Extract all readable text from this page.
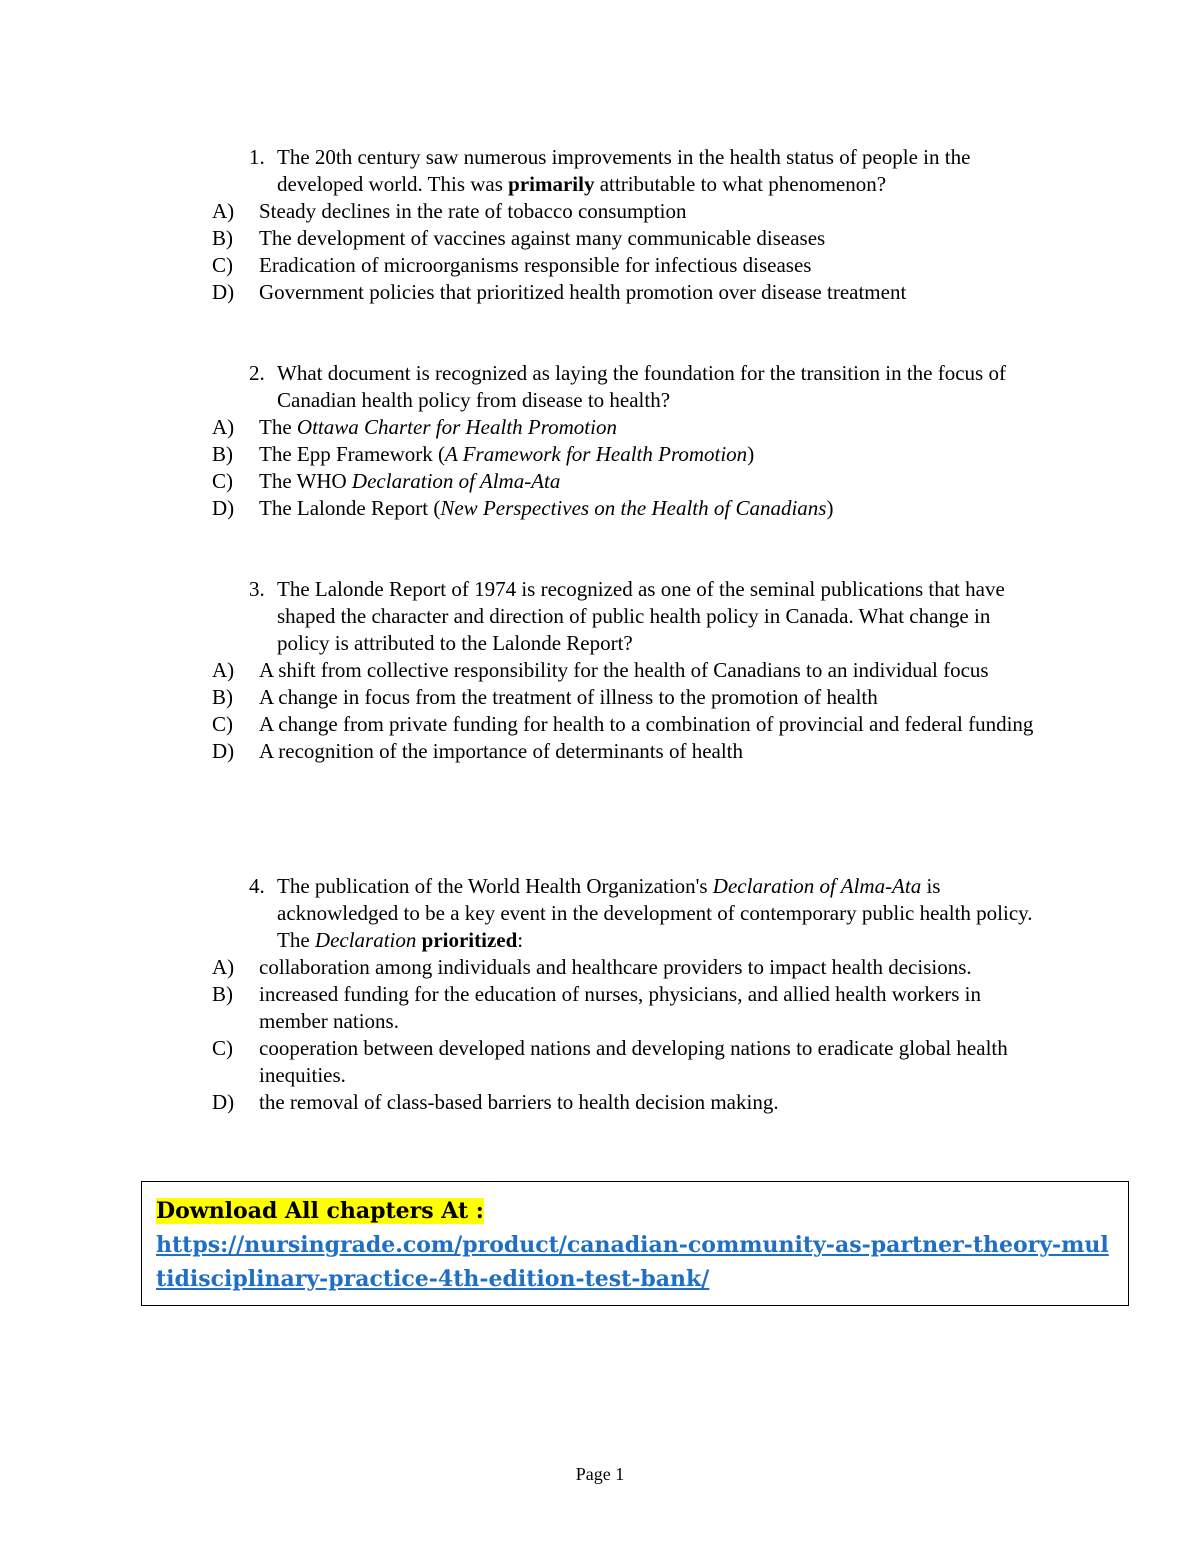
1. The 20th century saw numerous improvements in the health status of people in the developed world. This was primarily attributable to what phenomenon?
A) Steady declines in the rate of tobacco consumption
B) The development of vaccines against many communicable diseases
C) Eradication of microorganisms responsible for infectious diseases
D) Government policies that prioritized health promotion over disease treatment
2. What document is recognized as laying the foundation for the transition in the focus of Canadian health policy from disease to health?
A) The Ottawa Charter for Health Promotion
B) The Epp Framework (A Framework for Health Promotion)
C) The WHO Declaration of Alma-Ata
D) The Lalonde Report (New Perspectives on the Health of Canadians)
3. The Lalonde Report of 1974 is recognized as one of the seminal publications that have shaped the character and direction of public health policy in Canada. What change in policy is attributed to the Lalonde Report?
A) A shift from collective responsibility for the health of Canadians to an individual focus
B) A change in focus from the treatment of illness to the promotion of health
C) A change from private funding for health to a combination of provincial and federal funding
D) A recognition of the importance of determinants of health
4. The publication of the World Health Organization's Declaration of Alma-Ata is acknowledged to be a key event in the development of contemporary public health policy. The Declaration prioritized:
A) collaboration among individuals and healthcare providers to impact health decisions.
B) increased funding for the education of nurses, physicians, and allied health workers in member nations.
C) cooperation between developed nations and developing nations to eradicate global health inequities.
D) the removal of class-based barriers to health decision making.
Download All chapters At :
https://nursingrade.com/product/canadian-community-as-partner-theory-multidisciplinary-practice-4th-edition-test-bank/
Page 1
